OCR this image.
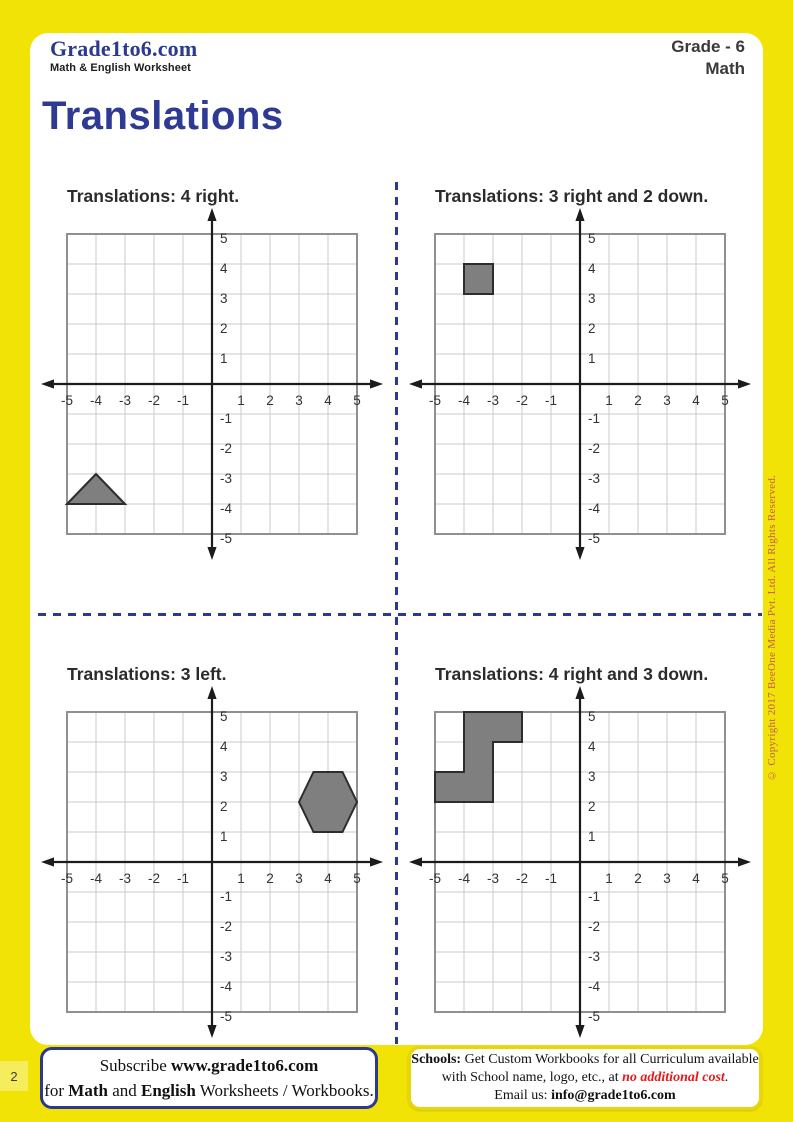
Grade1to6.com
Math & English Worksheet
Grade - 6
Math
Translations
Translations: 4 right.
-5 -4 -3 -2 -1	1 2 3 4 5
5
4
3
2
1
-1
-2
-3
-4
-5
Translations: 3 right and 2 down.
-5 -4 -3 -2 -1	1 2 3 4 5
5
4
3
2
1
-1
-2
-3
-4
-5
Translations: 3 left.
-5 -4 -3 -2 -1	1 2 3 4 5
5
4
3
2
1
-1
-2
-3
-4
-5
Translations: 4 right and 3 down.
-5 -4 -3 -2 -1	1 2 3 4 5
5
4
3
2
1
-1
-2
-3
-4
-5
Subscribe www.grade1to6.com
for Math and English Worksheets / Workbooks.
Schools: Get Custom Workbooks for all Curriculum available
with School name, logo, etc., at no additional cost.
Email us: info@grade1to6.com
2
© Copyright 2017 BeeOne Media Pvt. Ltd. All Rights Reserved.
